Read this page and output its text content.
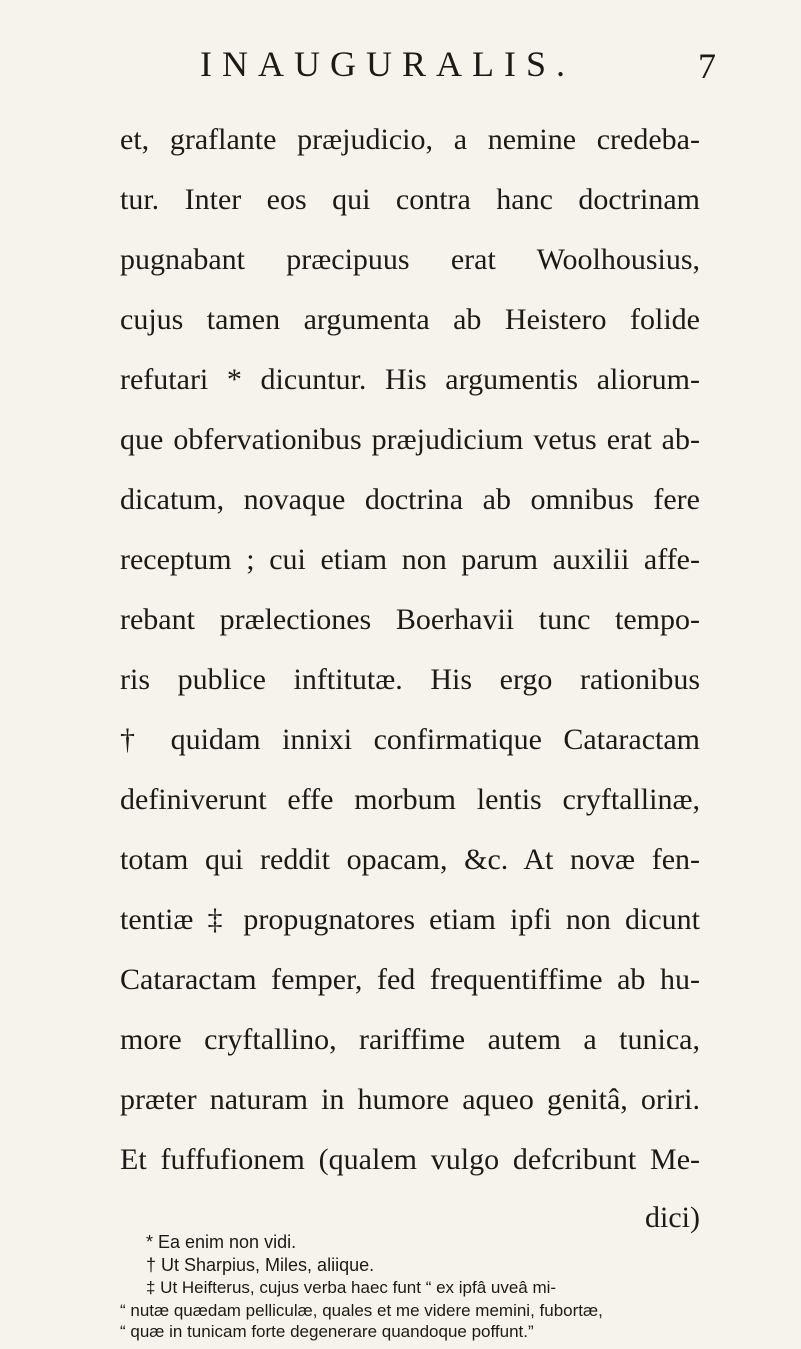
INAUGURALIS.	7
et, graflante præjudicio, a nemine credeba-
tur. Inter eos qui contra hanc doctrinam
pugnabant præcipuus erat Woolhousius,
cujus tamen argumenta ab Heistero folide
refutari * dicuntur. His argumentis aliorum-
que obfervationibus præjudicium vetus erat ab-
dicatum, novaque doctrina ab omnibus fere
receptum ; cui etiam non parum auxilii affe-
rebant prælectiones Boerhavii tunc tempo-
ris publice inftitutæ. His ergo rationibus
† quidam innixi confirmatique Cataractam
definiverunt effe morbum lentis cryftallinæ,
totam qui reddit opacam, &c. At novæ fen-
tentiæ ‡ propugnatores etiam ipfi non dicunt
Cataractam femper, fed frequentiffime ab hu-
more cryftallino, rariffime autem a tunica,
præter naturam in humore aqueo genitâ, oriri.
Et fuffufionem (qualem vulgo defcribunt Me-
dici)
* Ea enim non vidi.
† Ut Sharpius, Miles, aliique.
‡ Ut Heifterus, cujus verba haec funt “ ex ipfâ uveâ mi-
“ nutæ quædam pelliculæ, quales et me videre memini, fubortæ,
“ quæ in tunicam forte degenerare quandoque poffunt.”
